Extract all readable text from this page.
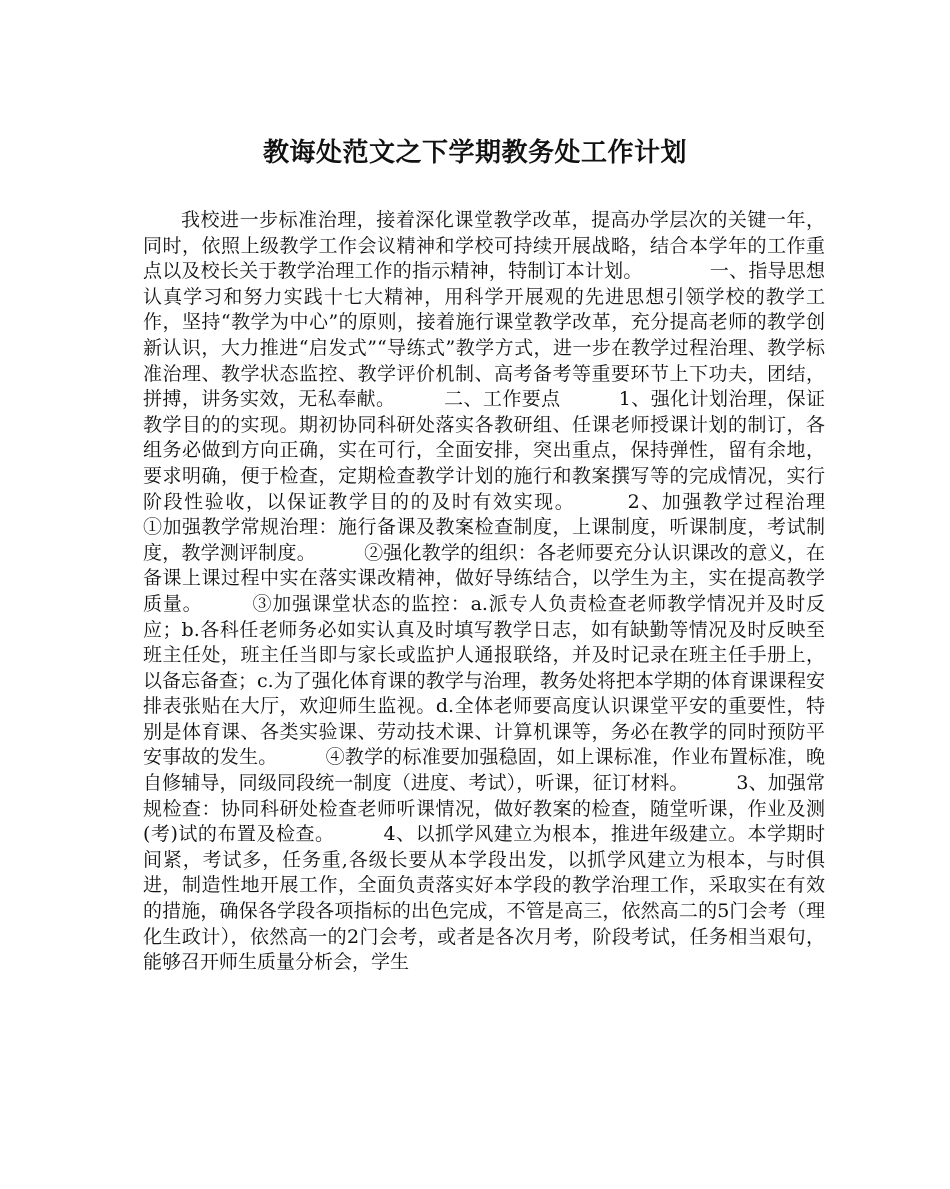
教诲处范文之下学期教务处工作计划

我校进一步标准治理，接着深化课堂教学改革，提高办学层次的关键一年，同时，依照上级教学工作会议精神和学校可持续开展战略，结合本学年的工作重点以及校长关于教学治理工作的指示精神，特制订本计划。　　　　一、指导思想　　　认真学习和努力实践十七大精神，用科学开展观的先进思想引领学校的教学工作，坚持“教学为中心”的原则，接着施行课堂教学改革，充分提高老师的教学创新认识，大力推进“启发式”“导练式”教学方式，进一步在教学过程治理、教学标准治理、教学状态监控、教学评价机制、高考备考等重要环节上下功夫，团结，拼搏，讲务实效，无私奉献。　　　二、工作要点　　　1、强化计划治理，保证教学目的的实现。期初协同科研处落实各教研组、任课老师授课计划的制订，各组务必做到方向正确，实在可行，全面安排，突出重点，保持弹性，留有余地，要求明确，便于检查，定期检查教学计划的施行和教案撰写等的完成情况，实行阶段性验收，以保证教学目的的及时有效实现。　　　2、加强教学过程治理　　　①加强教学常规治理：施行备课及教案检查制度，上课制度，听课制度，考试制度，教学测评制度。　　　②强化教学的组织：各老师要充分认识课改的意义，在备课上课过程中实在落实课改精神，做好导练结合，以学生为主，实在提高教学质量。　　　③加强课堂状态的监控：a.派专人负责检查老师教学情况并及时反应；b.各科任老师务必如实认真及时填写教学日志，如有缺勤等情况及时反映至班主任处，班主任当即与家长或监护人通报联络，并及时记录在班主任手册上，以备忘备查；c.为了强化体育课的教学与治理，教务处将把本学期的体育课课程安排表张贴在大厅，欢迎师生监视。d.全体老师要高度认识课堂平安的重要性，特别是体育课、各类实验课、劳动技术课、计算机课等，务必在教学的同时预防平安事故的发生。　　　④教学的标准要加强稳固，如上课标准，作业布置标准，晚自修辅导，同级同段统一制度（进度、考试），听课，征订材料。　　　3、加强常规检查：协同科研处检查老师听课情况，做好教案的检查，随堂听课，作业及测(考)试的布置及检查。　　　4、以抓学风建立为根本，推进年级建立。本学期时间紧，考试多，任务重,各级长要从本学段出发，以抓学风建立为根本，与时俱进，制造性地开展工作，全面负责落实好本学段的教学治理工作，采取实在有效的措施，确保各学段各项指标的出色完成，不管是高三，依然高二的5门会考（理化生政计），依然高一的2门会考，或者是各次月考，阶段考试，任务相当艰句，能够召开师生质量分析会，学生
